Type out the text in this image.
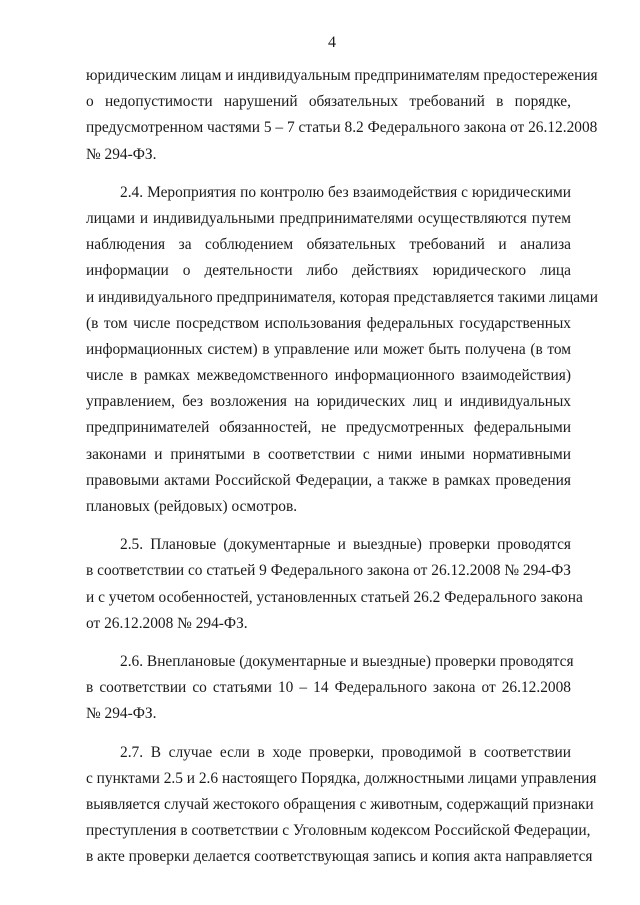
4
юридическим лицам и индивидуальным предпринимателям предостережения
о недопустимости нарушений обязательных требований в порядке,
предусмотренном частями 5 – 7 статьи 8.2 Федерального закона от 26.12.2008
№ 294-ФЗ.
2.4. Мероприятия по контролю без взаимодействия с юридическими
лицами и индивидуальными предпринимателями осуществляются путем
наблюдения за соблюдением обязательных требований и анализа
информации о деятельности либо действиях юридического лица
и индивидуального предпринимателя, которая представляется такими лицами
(в том числе посредством использования федеральных государственных
информационных систем) в управление или может быть получена (в том
числе в рамках межведомственного информационного взаимодействия)
управлением, без возложения на юридических лиц и индивидуальных
предпринимателей обязанностей, не предусмотренных федеральными
законами и принятыми в соответствии с ними иными нормативными
правовыми актами Российской Федерации, а также в рамках проведения
плановых (рейдовых) осмотров.
2.5. Плановые (документарные и выездные) проверки проводятся
в соответствии со статьей 9 Федерального закона от 26.12.2008 № 294-ФЗ
и с учетом особенностей, установленных статьей 26.2 Федерального закона
от 26.12.2008 № 294-ФЗ.
2.6. Внеплановые (документарные и выездные) проверки проводятся
в соответствии со статьями 10 – 14 Федерального закона от 26.12.2008
№ 294-ФЗ.
2.7. В случае если в ходе проверки, проводимой в соответствии
с пунктами 2.5 и 2.6 настоящего Порядка, должностными лицами управления
выявляется случай жестокого обращения с животным, содержащий признаки
преступления в соответствии с Уголовным кодексом Российской Федерации,
в акте проверки делается соответствующая запись и копия акта направляется
